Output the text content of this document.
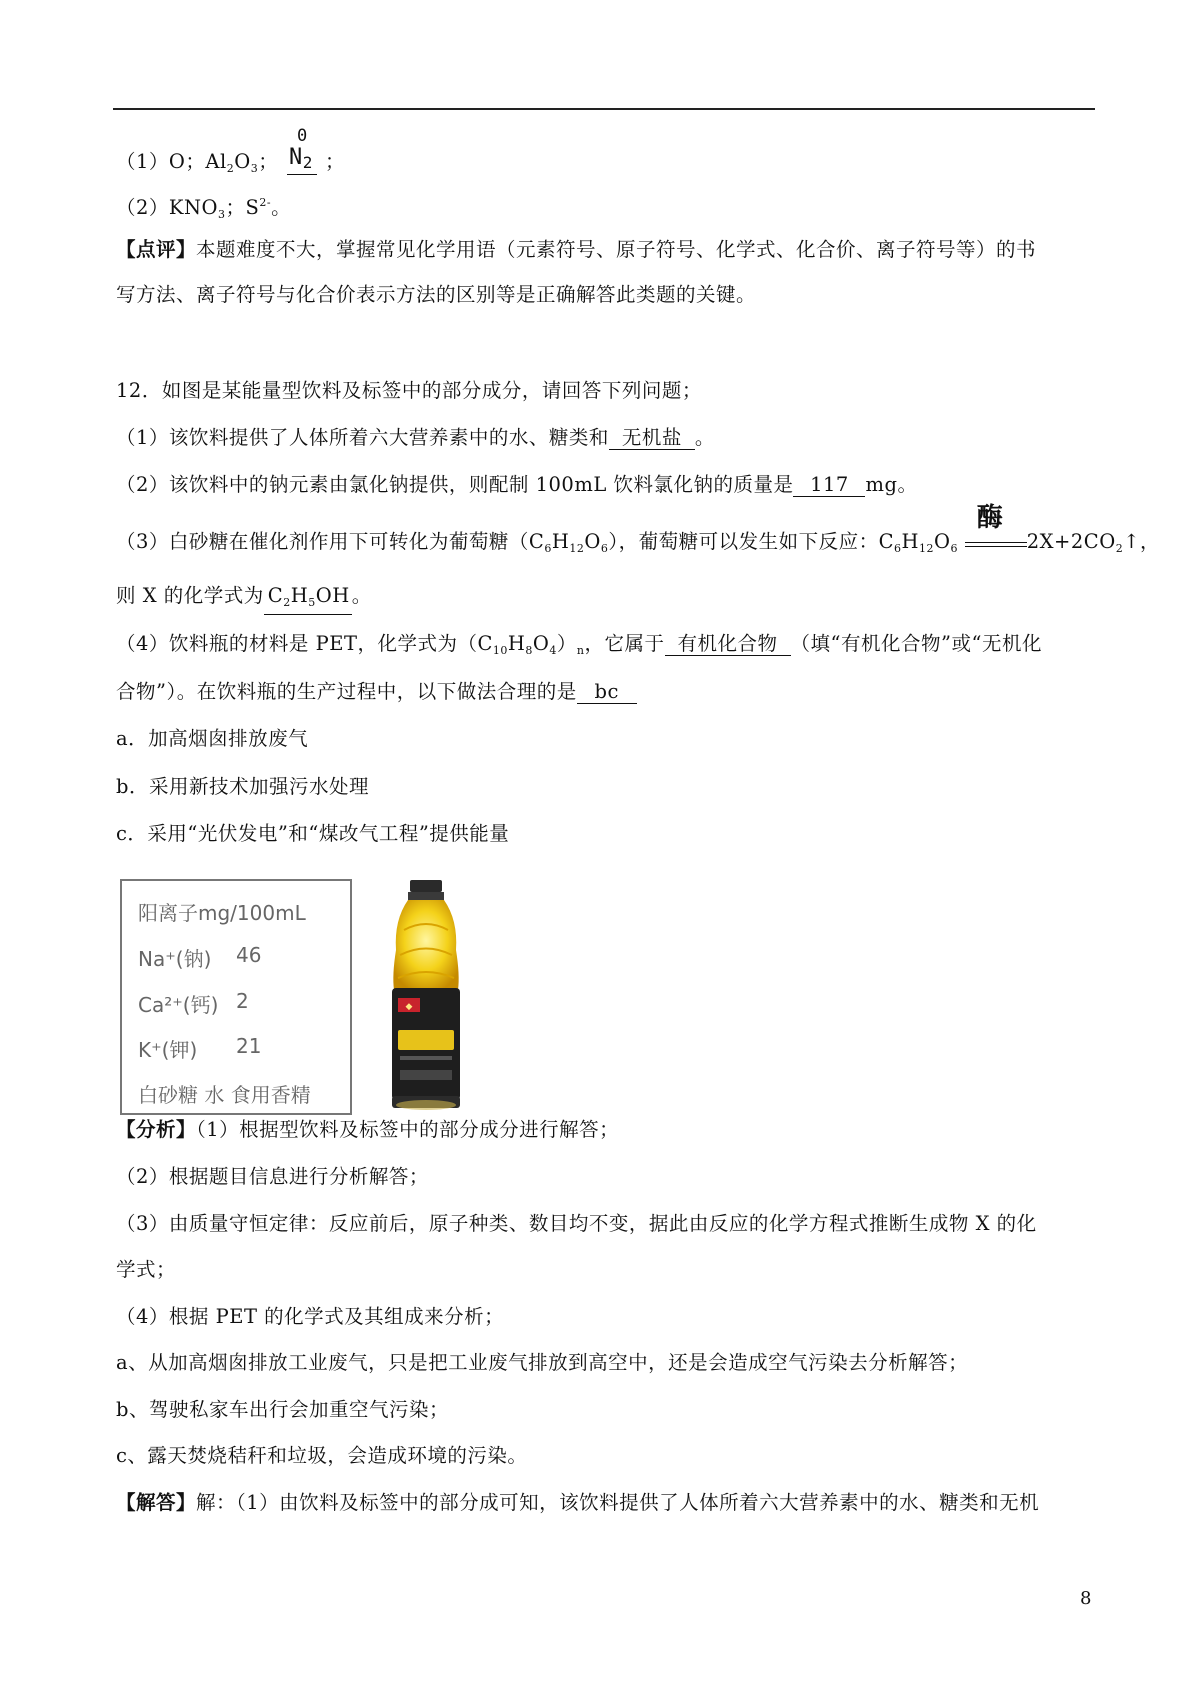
（1）O；$Al_2O_3$；
0
N2 ；
$(2)KNO_3$；$S^{2-}$。
【点评】本题难度不大，掌握常见化学用语（元素符号、原子符号、化学式、化合价、离子符号等）的书
写方法、离子符号与化合价表示方法的区别等是正确解答此类题的关键。
12．如图是某能量型饮料及标签中的部分成分，请回答下列问题；
（1）该饮料提供了人体所着六大营养素中的水、糖类和 无机盐 。
（2）该饮料中的钠元素由氯化钠提供，则配制 100mL 饮料氯化钠的质量是 117 mg。
（3）白砂糖在催化剂作用下可转化为葡萄糖$(C_6H_{12}O_6)$，葡萄糖可以发生如下反应：$C_6H_{12}O_6$
酶
$2X+2CO_2↑$，
则 X 的化学式为 $C_2H_5OH$ 。
（4）饮料瓶的材料是 PET，化学式为$(C_{10}H_8O_4)_n$，它属于 有机化合物 （填“有机化合物”或“无机化
合物”）。在饮料瓶的生产过程中，以下做法合理的是 bc
a．加高烟囱排放废气
b．采用新技术加强污水处理
c．采用“光伏发电”和“煤改气工程”提供能量
阳离子mg/100mL
Na⁺(钠) 46
Ca²⁺(钙) 2
K⁺(钾) 21
白砂糖 水 食用香精
◆
【分析】（1）根据型饮料及标签中的部分成分进行解答；
（2）根据题目信息进行分析解答；
（3）由质量守恒定律：反应前后，原子种类、数目均不变，据此由反应的化学方程式推断生成物 X 的化
学式；
（4）根据 PET 的化学式及其组成来分析；
a、从加高烟囱排放工业废气，只是把工业废气排放到高空中，还是会造成空气污染去分析解答；
b、驾驶私家车出行会加重空气污染；
c、露天焚烧秸秆和垃圾，会造成环境的污染。
【解答】解：（1）由饮料及标签中的部分成可知，该饮料提供了人体所着六大营养素中的水、糖类和无机
8
